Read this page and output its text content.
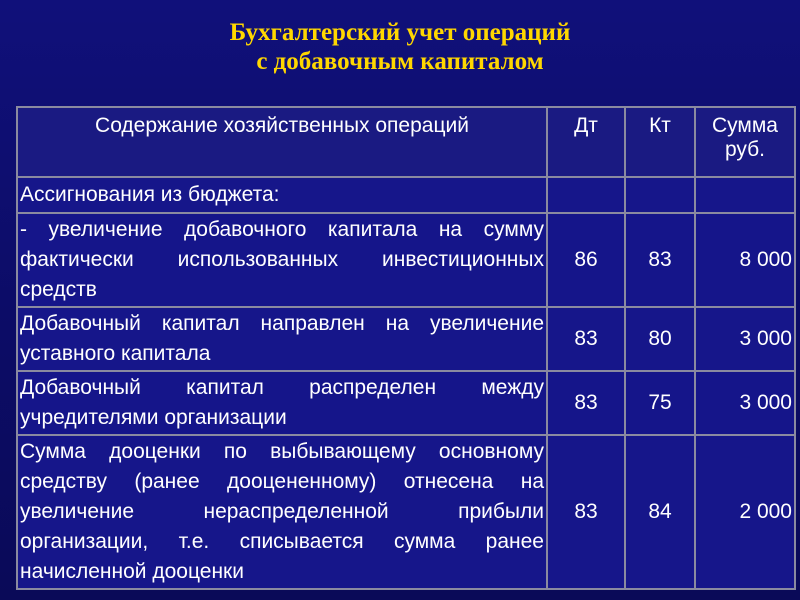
Бухгалтерский учет операций
с добавочным капиталом
Содержание хозяйственных операций	Дт	Кт	Сумма руб.
Ассигнования из бюджета:			
- увеличение добавочного капитала на сумму фактически использованных инвестиционных средств	86	83	8 000
Добавочный капитал направлен на увеличение уставного капитала	83	80	3 000
Добавочный капитал распределен между учредителями организации	83	75	3 000
Сумма дооценки по выбывающему основному средству (ранее дооцененному) отнесена на увеличение нераспределенной прибыли организации, т.е. списывается сумма ранее начисленной дооценки	83	84	2 000
